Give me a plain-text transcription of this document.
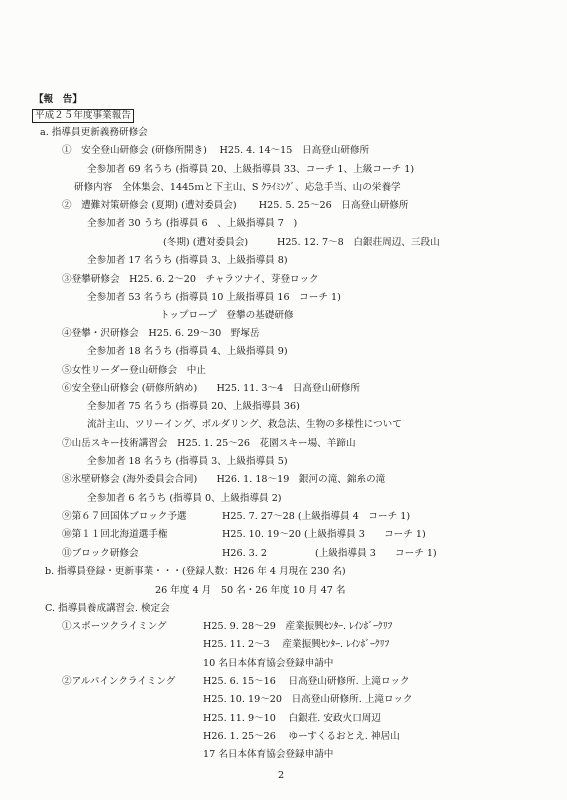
【報　告】
平成２５年度事業報告
a. 指導員更新義務研修会
①　安全登山研修会 (研修所開き)　 H25. 4. 14～15　日高登山研修所
全参加者 69 名うち (指導員 20、上級指導員 33、コーチ 1、上級コーチ 1)
研修内容　全体集会、1445ｍと下主山、S ｸﾗｲﾐﾝｸﾞ、応急手当、山の栄養学
②　遭難対策研修会 (夏期) (遭対委員会)　　 H25. 5. 25～26　日高登山研修所
全参加者 30 うち (指導員 6　、上級指導員 7　)
(冬期) (遭対委員会)　　　H25. 12. 7～8　白銀荘周辺、三段山
全参加者 17 名うち (指導員 3、上級指導員 8)
③登攀研修会　H25. 6. 2～20　チャラツナイ、芽登ロック
全参加者 53 名うち (指導員 10 上級指導員 16　コーチ 1)
トップロープ　登攀の基礎研修
④登攀・沢研修会　H25. 6. 29～30　野塚岳
全参加者 18 名うち (指導員 4、上級指導員 9)
⑤女性リーダー登山研修会　中止
⑥安全登山研修会 (研修所納め)　　H25. 11. 3～4　日高登山研修所
全参加者 75 名うち (指導員 20、上級指導員 36)
流計主山、ツリーイング、ボルダリング、救急法、生物の多様性について
⑦山岳スキー技術講習会　H25. 1. 25～26　花園スキー場、羊蹄山
全参加者 18 名うち (指導員 3、上級指導員 5)
⑧氷壁研修会 (海外委員会合同)　　H26. 1. 18～19　銀河の滝、錦糸の滝
全参加者 6 名うち (指導員 0、上級指導員 2)
⑨第６７回国体ブロック予選	H25. 7. 27～28 (上級指導員 4　コーチ 1)
⑩第１１回北海道選手権	H25. 10. 19～20 (上級指導員 3　　コーチ 1)
⑪ブロック研修会	H26. 3. 2　　　　　(上級指導員 3　　コーチ 1)
b. 指導員登録・更新事業・・・(登録人数：H26 年 4 月現在 230 名)
26 年度 4 月　50 名・26 年度 10 月 47 名
C. 指導員養成講習会. 検定会
①スポーツクライミング	H25. 9. 28～29　産業振興ｾﾝﾀｰ. ﾚｲﾝﾎﾞｰｸﾘﾌ
H25. 11. 2～3　 産業振興ｾﾝﾀｰ. ﾚｲﾝﾎﾞｰｸﾘﾌ
10 名日本体育協会登録申請中
②アルパインクライミング	H25. 6. 15～16　 日高登山研修所. 上滝ロック
H25. 10. 19～20　日高登山研修所. 上滝ロック
H25. 11. 9～10　 白銀荘. 安政火口周辺
H26. 1. 25～26　 ゆーすくるおとえ. 神居山
17 名日本体育協会登録申請中
2
